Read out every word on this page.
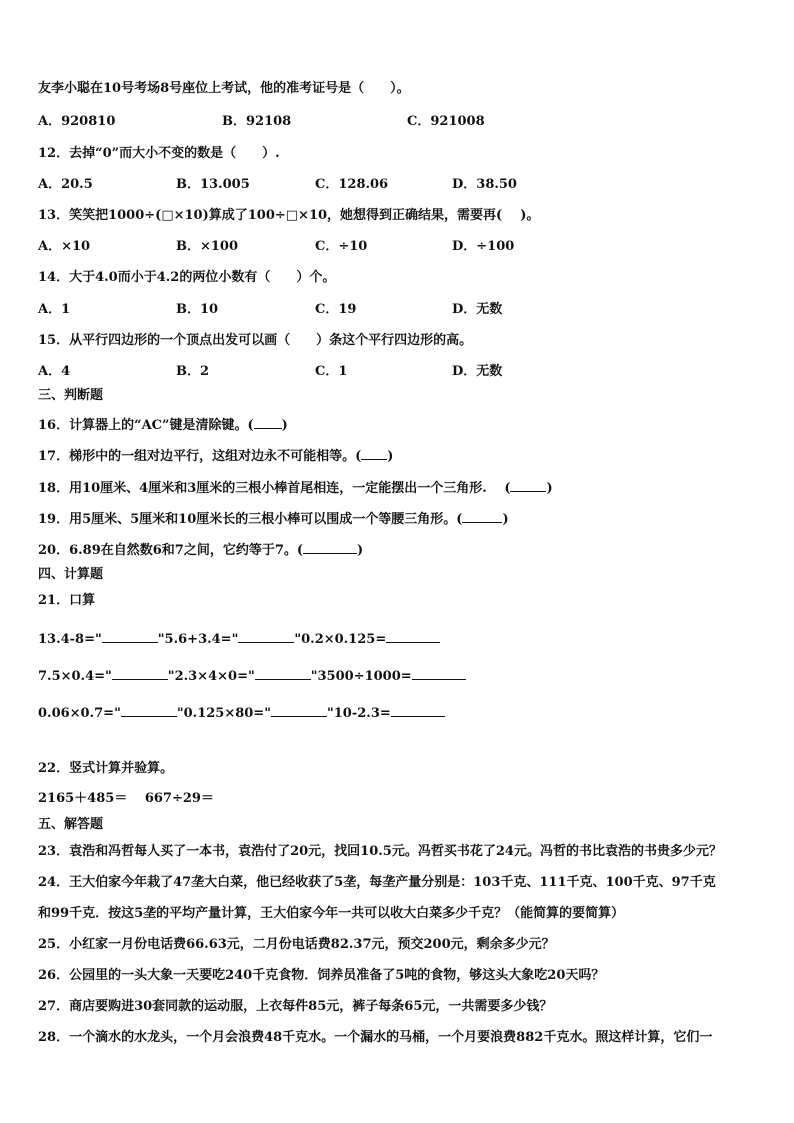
友李小聪在10号考场8号座位上考试，他的准考证号是（　　）。
A．920810	B．92108	C．921008
12．去掉“0”而大小不变的数是（　　）.
A．20.5	B．13.005	C．128.06	D．38.50
13．笑笑把1000÷(□×10)算成了100÷□×10，她想得到正确结果，需要再( )。
A．×10	B．×100	C．÷10	D．÷100
14．大于4.0而小于4.2的两位小数有（　　）个。
A．1	B．10	C．19	D．无数
15．从平行四边形的一个顶点出发可以画（　　）条这个平行四边形的高。
A．4	B．2	C．1	D．无数
三、判断题
16．计算器上的“AC”键是清除键。( )
17．梯形中的一组对边平行，这组对边永不可能相等。( )
18．用10厘米、4厘米和3厘米的三根小棒首尾相连，一定能摆出一个三角形.　 (	)
19．用5厘米、5厘米和10厘米长的三根小棒可以围成一个等腰三角形。(	)
20．6.89在自然数6和7之间，它约等于7。(	)
四、计算题
21．口算
13.4-8="	"5.6+3.4="	"0.2×0.125=
7.5×0.4="	"2.3×4×0="	"3500÷1000=
0.06×0.7="	"0.125×80="	"10-2.3=
22．竖式计算并验算。
2165＋485＝　 667÷29＝
五、解答题
23．袁浩和冯哲每人买了一本书，袁浩付了20元，找回10.5元。冯哲买书花了24元。冯哲的书比袁浩的书贵多少元？
24．王大伯家今年栽了47垄大白菜，他已经收获了5垄，每垄产量分别是：103千克、111千克、100千克、97千克
和99千克．按这5垄的平均产量计算，王大伯家今年一共可以收大白菜多少千克？（能简算的要简算）
25．小红家一月份电话费66.63元，二月份电话费82.37元，预交200元，剩余多少元？
26．公园里的一头大象一天要吃240千克食物．饲养员准备了5吨的食物，够这头大象吃20天吗？
27．商店要购进30套同款的运动服，上衣每件85元，裤子每条65元，一共需要多少钱？
28．一个滴水的水龙头，一个月会浪费48千克水。一个漏水的马桶，一个月要浪费882千克水。照这样计算，它们一
